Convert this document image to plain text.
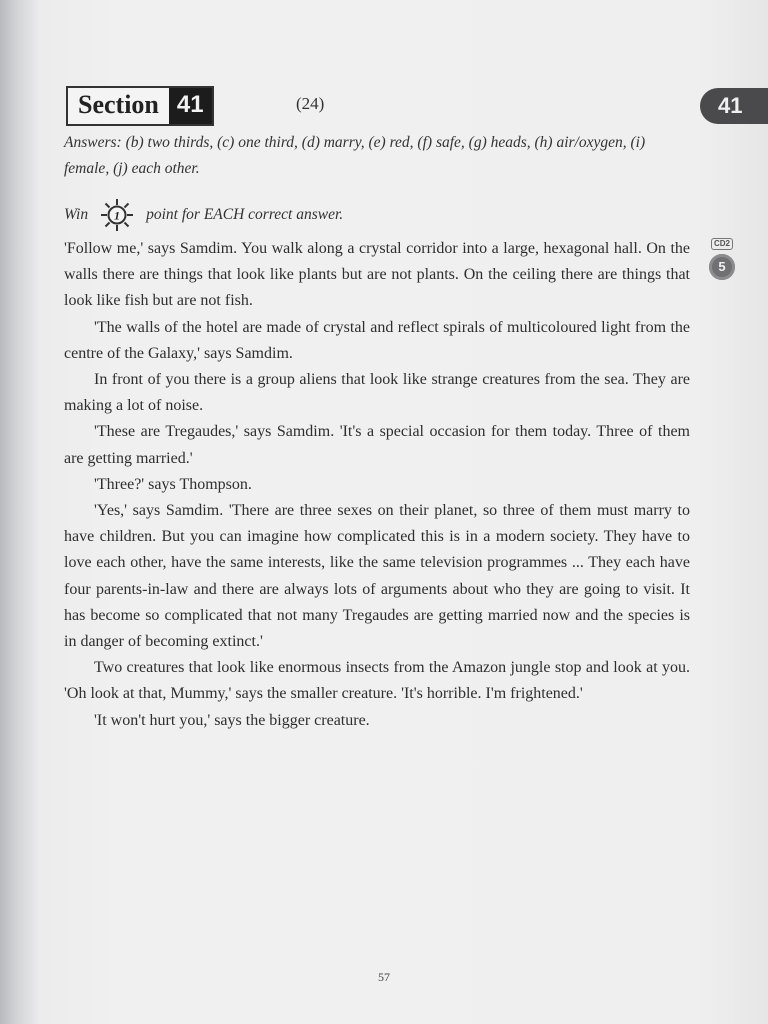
Section 41	(24)	41

Answers: (b) two thirds, (c) one third, (d) marry, (e) red, (f) safe, (g) heads, (h) air/oxygen, (i) female, (j) each other.

Win 1 point for EACH correct answer.
CD2
5

'Follow me,' says Samdim. You walk along a crystal corridor into a large, hexagonal hall. On the walls there are things that look like plants but are not plants. On the ceiling there are things that look like fish but are not fish.

'The walls of the hotel are made of crystal and reflect spirals of multicoloured light from the centre of the Galaxy,' says Samdim.

In front of you there is a group aliens that look like strange creatures from the sea. They are making a lot of noise.

'These are Tregaudes,' says Samdim. 'It's a special occasion for them today. Three of them are getting married.'

'Three?' says Thompson.

'Yes,' says Samdim. 'There are three sexes on their planet, so three of them must marry to have children. But you can imagine how complicated this is in a modern society. They have to love each other, have the same interests, like the same television programmes ... They each have four parents-in-law and there are always lots of arguments about who they are going to visit. It has become so complicated that not many Tregaudes are getting married now and the species is in danger of becoming extinct.'

Two creatures that look like enormous insects from the Amazon jungle stop and look at you. 'Oh look at that, Mummy,' says the smaller creature. 'It's horrible. I'm frightened.'

'It won't hurt you,' says the bigger creature.

57
